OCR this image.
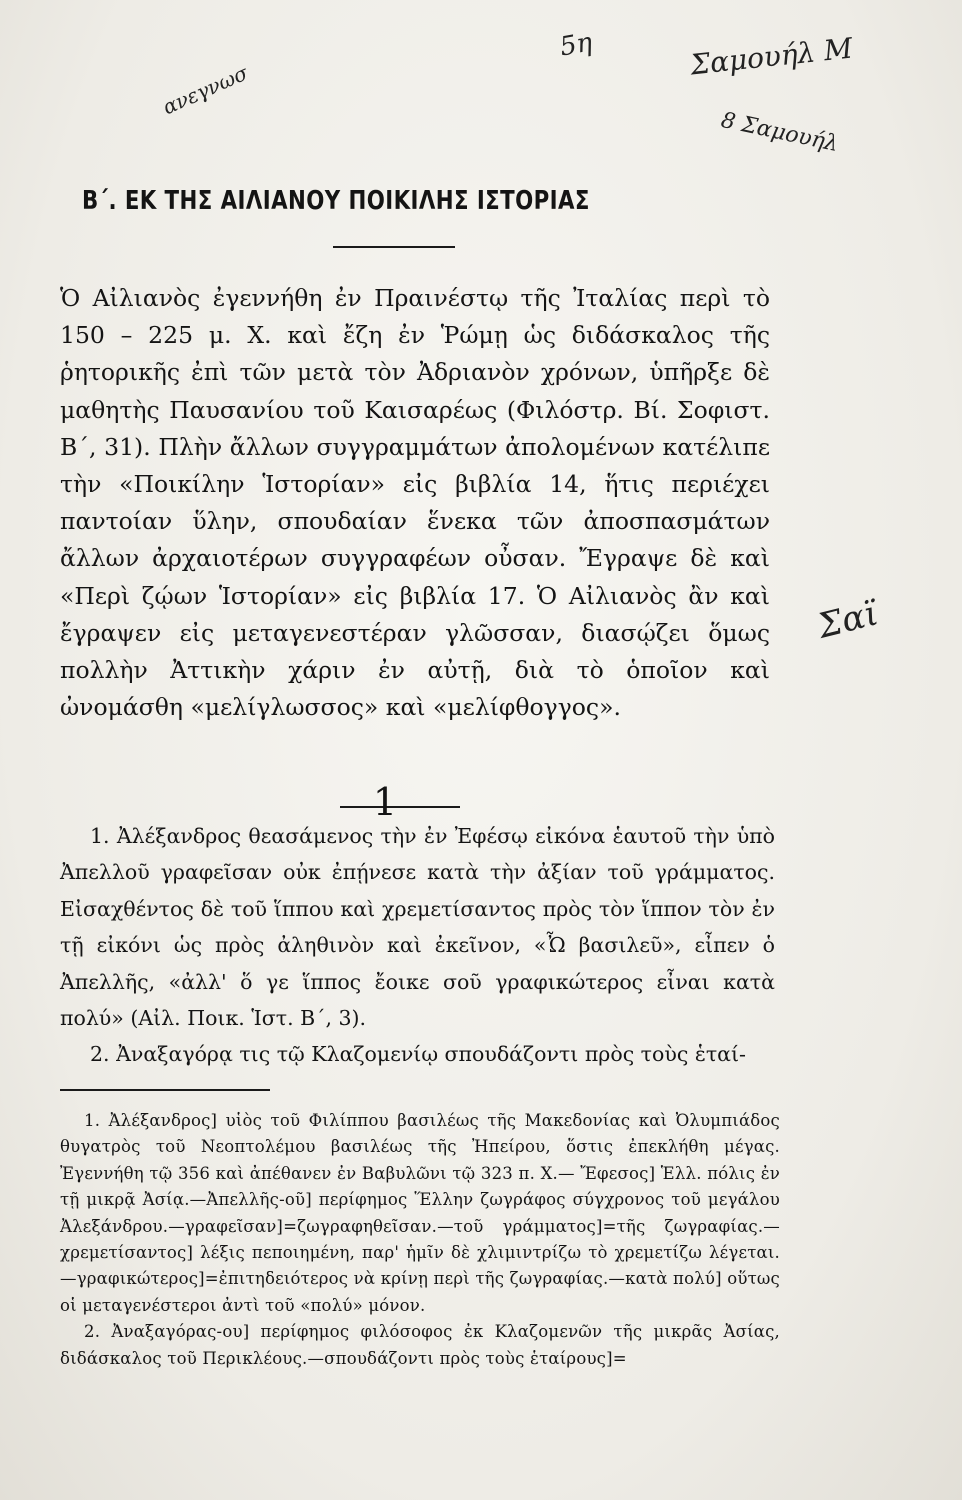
ανεγνωσ
5η	Σαμουήλ Μ
8 Σαμουήλ
Σαϊ
Β΄. ΕΚ ΤΗΣ ΑΙΛΙΑΝΟΥ ΠΟΙΚΙΛΗΣ ΙΣΤΟΡΙΑΣ

Ὁ Αἰλιανὸς ἐγεννήθη ἐν Πραινέστῳ τῆς Ἰταλίας περὶ τὸ 150 – 225 μ. Χ. καὶ ἔζη ἐν Ῥώμῃ ὡς διδάσκαλος τῆς ῥητορικῆς ἐπὶ τῶν μετὰ τὸν Ἀδριανὸν χρόνων, ὑπῆρξε δὲ μαθητὴς Παυσανίου τοῦ Καισαρέως (Φιλόστρ. Βί. Σοφιστ. Β΄, 31). Πλὴν ἄλλων συγγραμμάτων ἀπολομένων κατέλιπε τὴν «Ποικίλην Ἱστορίαν» εἰς βιβλία 14, ἥτις περιέχει παντοίαν ὕλην, σπουδαίαν ἕνεκα τῶν ἀποσπασμάτων ἄλλων ἀρχαιοτέρων συγγραφέων οὖσαν. Ἔγραψε δὲ καὶ «Περὶ ζῴων Ἱστορίαν» εἰς βιβλία 17. Ὁ Αἰλιανὸς ἂν καὶ ἔγραψεν εἰς μεταγενεστέραν γλῶσσαν, διασῴζει ὅμως πολλὴν Ἀττικὴν χάριν ἐν αὐτῇ, διὰ τὸ ὁποῖον καὶ ὠνομάσθη «μελίγλωσσος» καὶ «μελίφθογγος».

1

1. Ἀλέξανδρος θεασάμενος τὴν ἐν Ἐφέσῳ εἰκόνα ἑαυτοῦ τὴν ὑπὸ Ἀπελλοῦ γραφεῖσαν οὐκ ἐπῄνεσε κατὰ τὴν ἀξίαν τοῦ γράμματος. Εἰσαχθέντος δὲ τοῦ ἵππου καὶ χρεμετίσαντος πρὸς τὸν ἵππον τὸν ἐν τῇ εἰκόνι ὡς πρὸς ἀληθινὸν καὶ ἐκεῖνον, «Ὦ βασιλεῦ», εἶπεν ὁ Ἀπελλῆς, «ἀλλ' ὅ γε ἵππος ἔοικε σοῦ γραφικώτερος εἶναι κατὰ πολύ» (Αἰλ. Ποικ. Ἱστ. Β΄, 3).

2. Ἀναξαγόρᾳ τις τῷ Κλαζομενίῳ σπουδάζοντι πρὸς τοὺς ἑταί-

1. Ἀλέξανδρος] υἱὸς τοῦ Φιλίππου βασιλέως τῆς Μακεδονίας καὶ Ὀλυμπιάδος θυγατρὸς τοῦ Νεοπτολέμου βασιλέως τῆς Ἠπείρου, ὅστις ἐπεκλήθη μέγας. Ἐγεννήθη τῷ 356 καὶ ἀπέθανεν ἐν Βαβυλῶνι τῷ 323 π. Χ.— Ἔφεσος] Ἑλλ. πόλις ἐν τῇ μικρᾷ Ἀσίᾳ.—Ἀπελλῆς-οῦ] περίφημος Ἕλλην ζωγράφος σύγχρονος τοῦ μεγάλου Ἀλεξάνδρου.—γραφεῖσαν]=ζωγραφηθεῖσαν.—τοῦ γράμματος]=τῆς ζωγραφίας.—χρεμετίσαντος] λέξις πεποιημένη, παρ' ἡμῖν δὲ χλιμιντρίζω τὸ χρεμετίζω λέγεται.—γραφικώτερος]=ἐπιτηδειότερος νὰ κρίνῃ περὶ τῆς ζωγραφίας.—κατὰ πολύ] οὕτως οἱ μεταγενέστεροι ἀντὶ τοῦ «πολύ» μόνον.

2. Ἀναξαγόρας-ου] περίφημος φιλόσοφος ἐκ Κλαζομενῶν τῆς μικρᾶς Ἀσίας, διδάσκαλος τοῦ Περικλέους.—σπουδάζοντι πρὸς τοὺς ἑταίρους]=
